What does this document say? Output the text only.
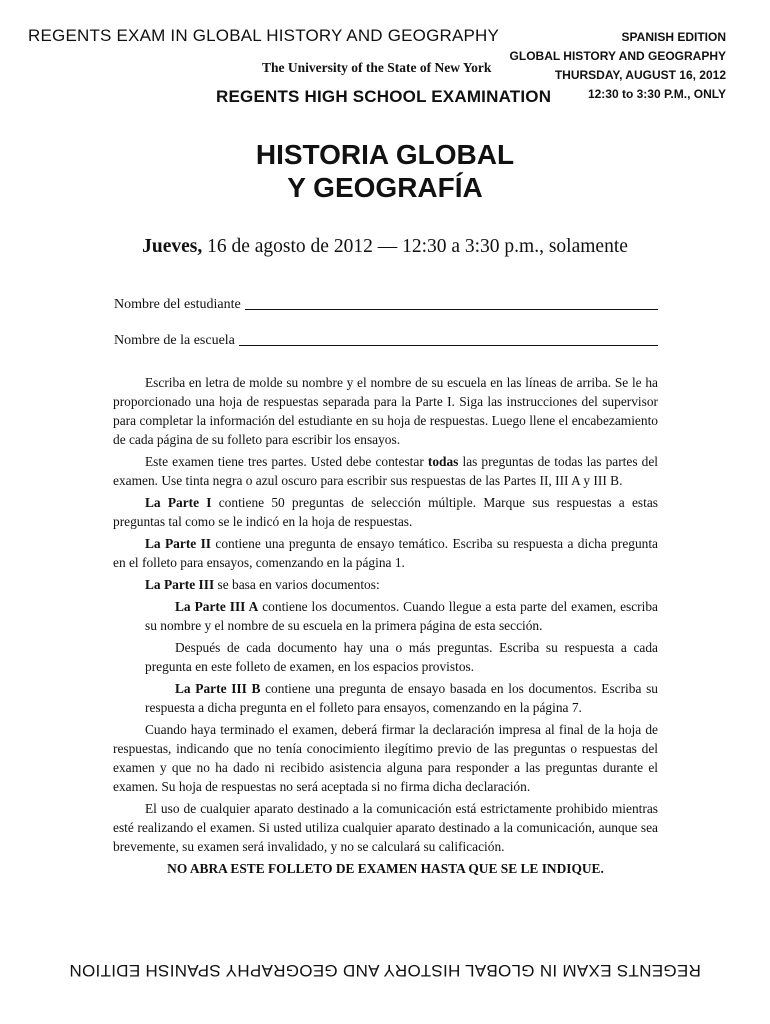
REGENTS EXAM IN GLOBAL HISTORY AND GEOGRAPHY	SPANISH EDITION
GLOBAL HISTORY AND GEOGRAPHY
THURSDAY, AUGUST 16, 2012
12:30 to 3:30 P.M., ONLY
The University of the State of New York
REGENTS HIGH SCHOOL EXAMINATION
HISTORIA GLOBAL
Y GEOGRAFÍA
Jueves, 16 de agosto de 2012 — 12:30 a 3:30 p.m., solamente
Nombre del estudiante
Nombre de la escuela

Escriba en letra de molde su nombre y el nombre de su escuela en las líneas de arriba. Se le ha proporcionado una hoja de respuestas separada para la Parte I. Siga las instrucciones del supervisor para completar la información del estudiante en su hoja de respuestas. Luego llene el encabezamiento de cada página de su folleto para escribir los ensayos.

Este examen tiene tres partes. Usted debe contestar todas las preguntas de todas las partes del examen. Use tinta negra o azul oscuro para escribir sus respuestas de las Partes II, III A y III B.

La Parte I contiene 50 preguntas de selección múltiple. Marque sus respuestas a estas preguntas tal como se le indicó en la hoja de respuestas.

La Parte II contiene una pregunta de ensayo temático. Escriba su respuesta a dicha pregunta en el folleto para ensayos, comenzando en la página 1.

La Parte III se basa en varios documentos:

La Parte III A contiene los documentos. Cuando llegue a esta parte del examen, escriba su nombre y el nombre de su escuela en la primera página de esta sección.

Después de cada documento hay una o más preguntas. Escriba su respuesta a cada pregunta en este folleto de examen, en los espacios provistos.

La Parte III B contiene una pregunta de ensayo basada en los documentos. Escriba su respuesta a dicha pregunta en el folleto para ensayos, comenzando en la página 7.

Cuando haya terminado el examen, deberá firmar la declaración impresa al final de la hoja de respuestas, indicando que no tenía conocimiento ilegítimo previo de las preguntas o respuestas del examen y que no ha dado ni recibido asistencia alguna para responder a las preguntas durante el examen. Su hoja de respuestas no será aceptada si no firma dicha declaración.

El uso de cualquier aparato destinado a la comunicación está estrictamente prohibido mientras esté realizando el examen. Si usted utiliza cualquier aparato destinado a la comunicación, aunque sea brevemente, su examen será invalidado, y no se calculará su calificación.

NO ABRA ESTE FOLLETO DE EXAMEN HASTA QUE SE LE INDIQUE.

REGENTS EXAM IN GLOBAL HISTORY AND GEOGRAPHY SPANISH EDITION
